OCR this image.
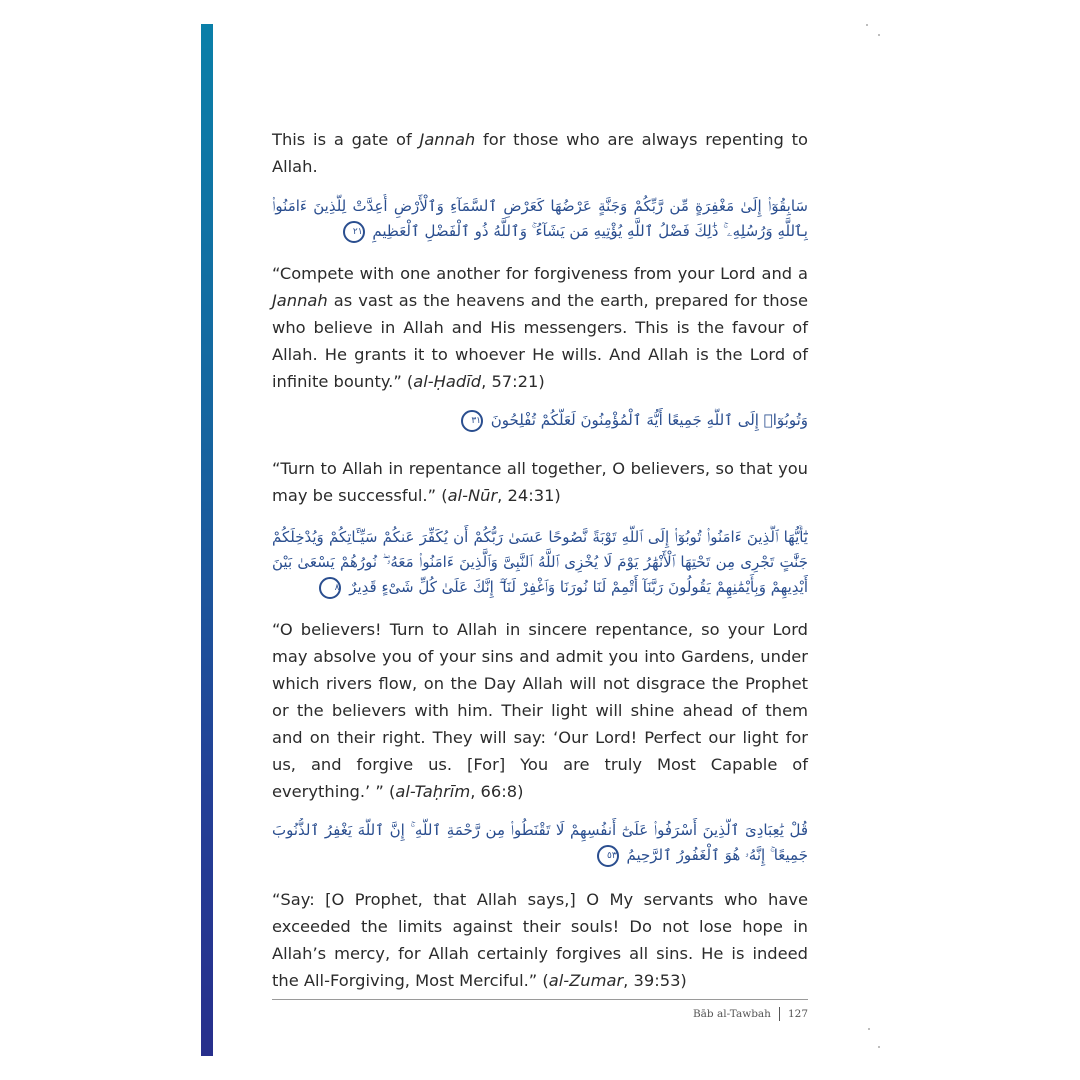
This is a gate of Jannah for those who are always repenting to Allah.

سَابِقُوٓا۟ إِلَىٰ مَغْفِرَةٍ مِّن رَّبِّكُمْ وَجَنَّةٍ عَرْضُهَا كَعَرْضِ ٱلسَّمَآءِ وَٱلْأَرْضِ أُعِدَّتْ لِلَّذِينَ ءَامَنُوا۟ بِٱللَّهِ وَرُسُلِهِۦ ۚ ذَٰلِكَ فَضْلُ ٱللَّهِ يُؤْتِيهِ مَن يَشَآءُ ۚ وَٱللَّهُ ذُو ٱلْفَضْلِ ٱلْعَظِيمِ ٢١

“Compete with one another for forgiveness from your Lord and a Jannah as vast as the heavens and the earth, prepared for those who believe in Allah and His messengers. This is the favour of Allah. He grants it to whoever He wills. And Allah is the Lord of infinite bounty.” (al-Ḥadīd, 57:21)

وَتُوبُوٓا۟ إِلَى ٱللَّهِ جَمِيعًا أَيُّهَ ٱلْمُؤْمِنُونَ لَعَلَّكُمْ تُفْلِحُونَ ٣١

“Turn to Allah in repentance all together, O believers, so that you may be successful.” (al-Nūr, 24:31)

يَٰٓأَيُّهَا ٱلَّذِينَ ءَامَنُوا۟ تُوبُوٓا۟ إِلَى ٱللَّهِ تَوْبَةً نَّصُوحًا عَسَىٰ رَبُّكُمْ أَن يُكَفِّرَ عَنكُمْ سَيِّـَٔاتِكُمْ وَيُدْخِلَكُمْ جَنَّٰتٍ تَجْرِى مِن تَحْتِهَا ٱلْأَنْهَٰرُ يَوْمَ لَا يُخْزِى ٱللَّهُ ٱلنَّبِىَّ وَٱلَّذِينَ ءَامَنُوا۟ مَعَهُۥ ۖ نُورُهُمْ يَسْعَىٰ بَيْنَ أَيْدِيهِمْ وَبِأَيْمَٰنِهِمْ يَقُولُونَ رَبَّنَآ أَتْمِمْ لَنَا نُورَنَا وَٱغْفِرْ لَنَآ ۖ إِنَّكَ عَلَىٰ كُلِّ شَىْءٍ قَدِيرٌ ٨

“O believers! Turn to Allah in sincere repentance, so your Lord may absolve you of your sins and admit you into Gardens, under which rivers flow, on the Day Allah will not disgrace the Prophet or the believers with him. Their light will shine ahead of them and on their right. They will say: ‘Our Lord! Perfect our light for us, and forgive us. [For] You are truly Most Capable of everything.’ ” (al-Taḥrīm, 66:8)

قُلْ يَٰعِبَادِىَ ٱلَّذِينَ أَسْرَفُوا۟ عَلَىٰٓ أَنفُسِهِمْ لَا تَقْنَطُوا۟ مِن رَّحْمَةِ ٱللَّهِ ۚ إِنَّ ٱللَّهَ يَغْفِرُ ٱلذُّنُوبَ جَمِيعًا ۚ إِنَّهُۥ هُوَ ٱلْغَفُورُ ٱلرَّحِيمُ ٥٣

“Say: [O Prophet, that Allah says,] O My servants who have exceeded the limits against their souls! Do not lose hope in Allah’s mercy, for Allah certainly forgives all sins. He is indeed the All-Forgiving, Most Merciful.” (al-Zumar, 39:53)

Bāb al-Tawbah 127
